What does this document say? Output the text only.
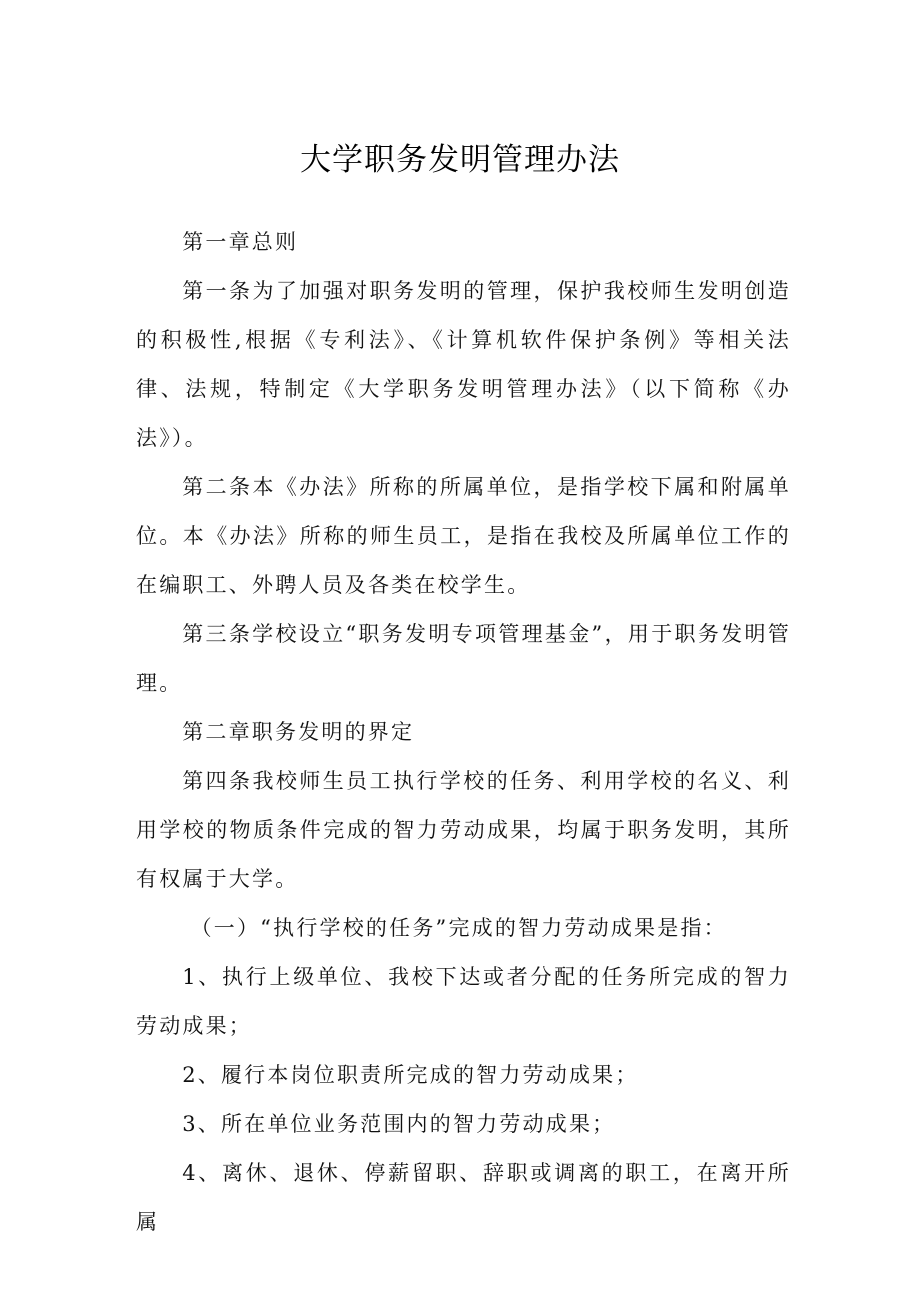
大学职务发明管理办法

第一章总则

第一条为了加强对职务发明的管理，保护我校师生发明创造的积极性,根据《专利法》、《计算机软件保护条例》等相关法律、法规，特制定《大学职务发明管理办法》（以下简称《办法》）。

第二条本《办法》所称的所属单位，是指学校下属和附属单位。本《办法》所称的师生员工，是指在我校及所属单位工作的在编职工、外聘人员及各类在校学生。

第三条学校设立“职务发明专项管理基金”，用于职务发明管理。

第二章职务发明的界定

第四条我校师生员工执行学校的任务、利用学校的名义、利用学校的物质条件完成的智力劳动成果，均属于职务发明，其所有权属于大学。

（一）“执行学校的任务”完成的智力劳动成果是指：

1、执行上级单位、我校下达或者分配的任务所完成的智力劳动成果；

2、履行本岗位职责所完成的智力劳动成果；

3、所在单位业务范围内的智力劳动成果；

4、离休、退休、停薪留职、辞职或调离的职工，在离开所属
